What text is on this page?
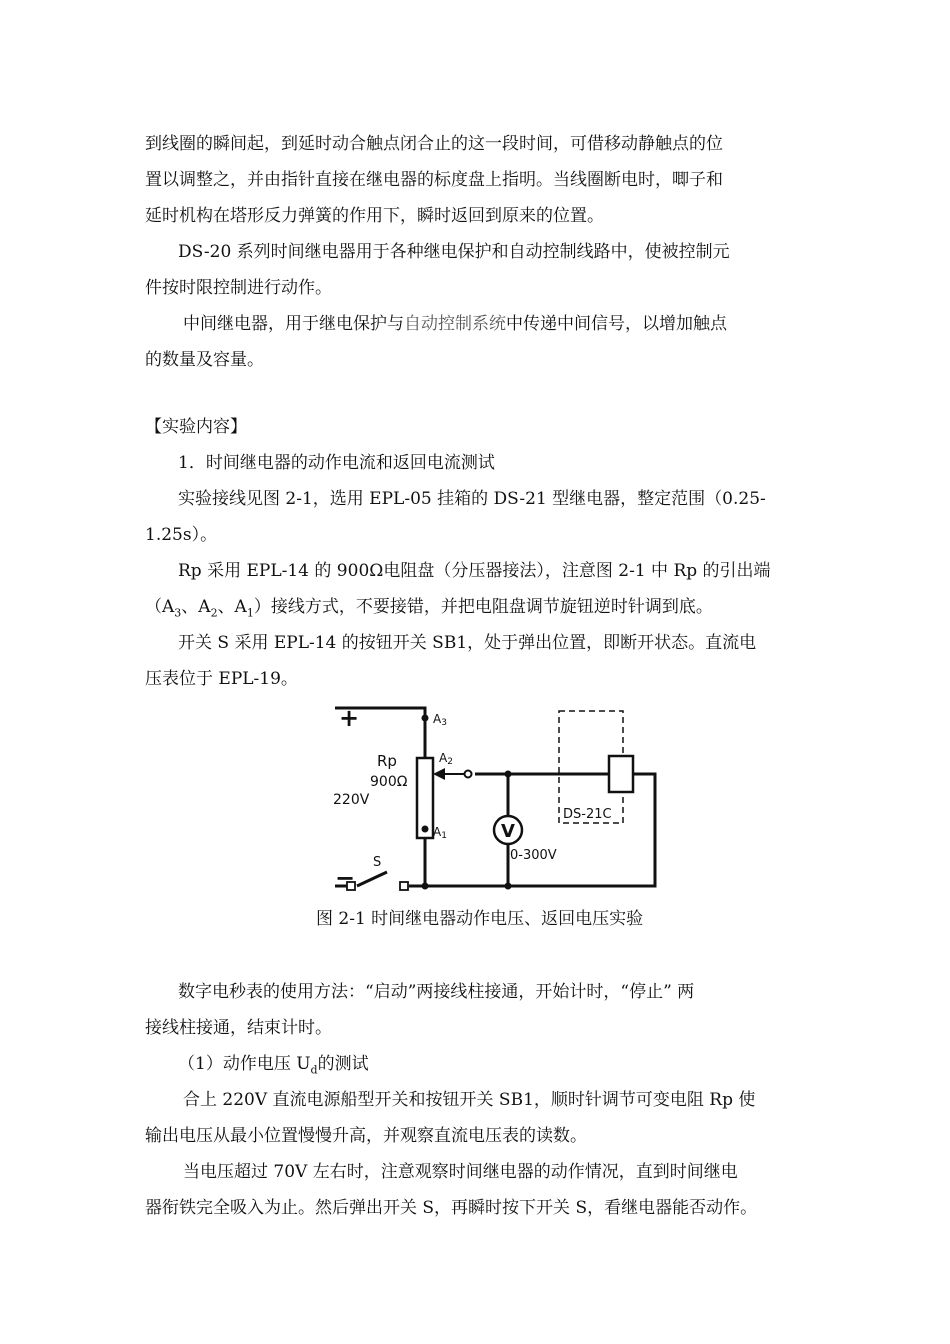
到线圈的瞬间起，到延时动合触点闭合止的这一段时间，可借移动静触点的位
置以调整之，并由指针直接在继电器的标度盘上指明。当线圈断电时，唧子和
延时机构在塔形反力弹簧的作用下，瞬时返回到原来的位置。
DS-20 系列时间继电器用于各种继电保护和自动控制线路中，使被控制元
件按时限控制进行动作。
中间继电器，用于继电保护与自动控制系统中传递中间信号，以增加触点
的数量及容量。
【实验内容】
1．时间继电器的动作电流和返回电流测试
实验接线见图 2-1，选用 EPL-05 挂箱的 DS-21 型继电器，整定范围（0.25-
1.25s）。
Rp 采用 EPL-14 的 900Ω电阻盘（分压器接法），注意图 2-1 中 Rp 的引出端
（$A_3$、$A_2$、$A_1$）接线方式，不要接错，并把电阻盘调节旋钮逆时针调到底。
开关 S 采用 EPL-14 的按钮开关 SB1，处于弹出位置，即断开状态。直流电
压表位于 EPL-19。
+
−
220V
Rp
900Ω
A3
A2
A1	V
0-300V
DS-21C
S
图 2-1 时间继电器动作电压、返回电压实验
数字电秒表的使用方法：“启动”两接线柱接通，开始计时，“停止” 两
接线柱接通，结束计时。
（1）动作电压 $U_d$的测试
合上 220V 直流电源船型开关和按钮开关 SB1，顺时针调节可变电阻 Rp 使
输出电压从最小位置慢慢升高，并观察直流电压表的读数。
当电压超过 70V 左右时，注意观察时间继电器的动作情况，直到时间继电
器衔铁完全吸入为止。然后弹出开关 S，再瞬时按下开关 S，看继电器能否动作。
